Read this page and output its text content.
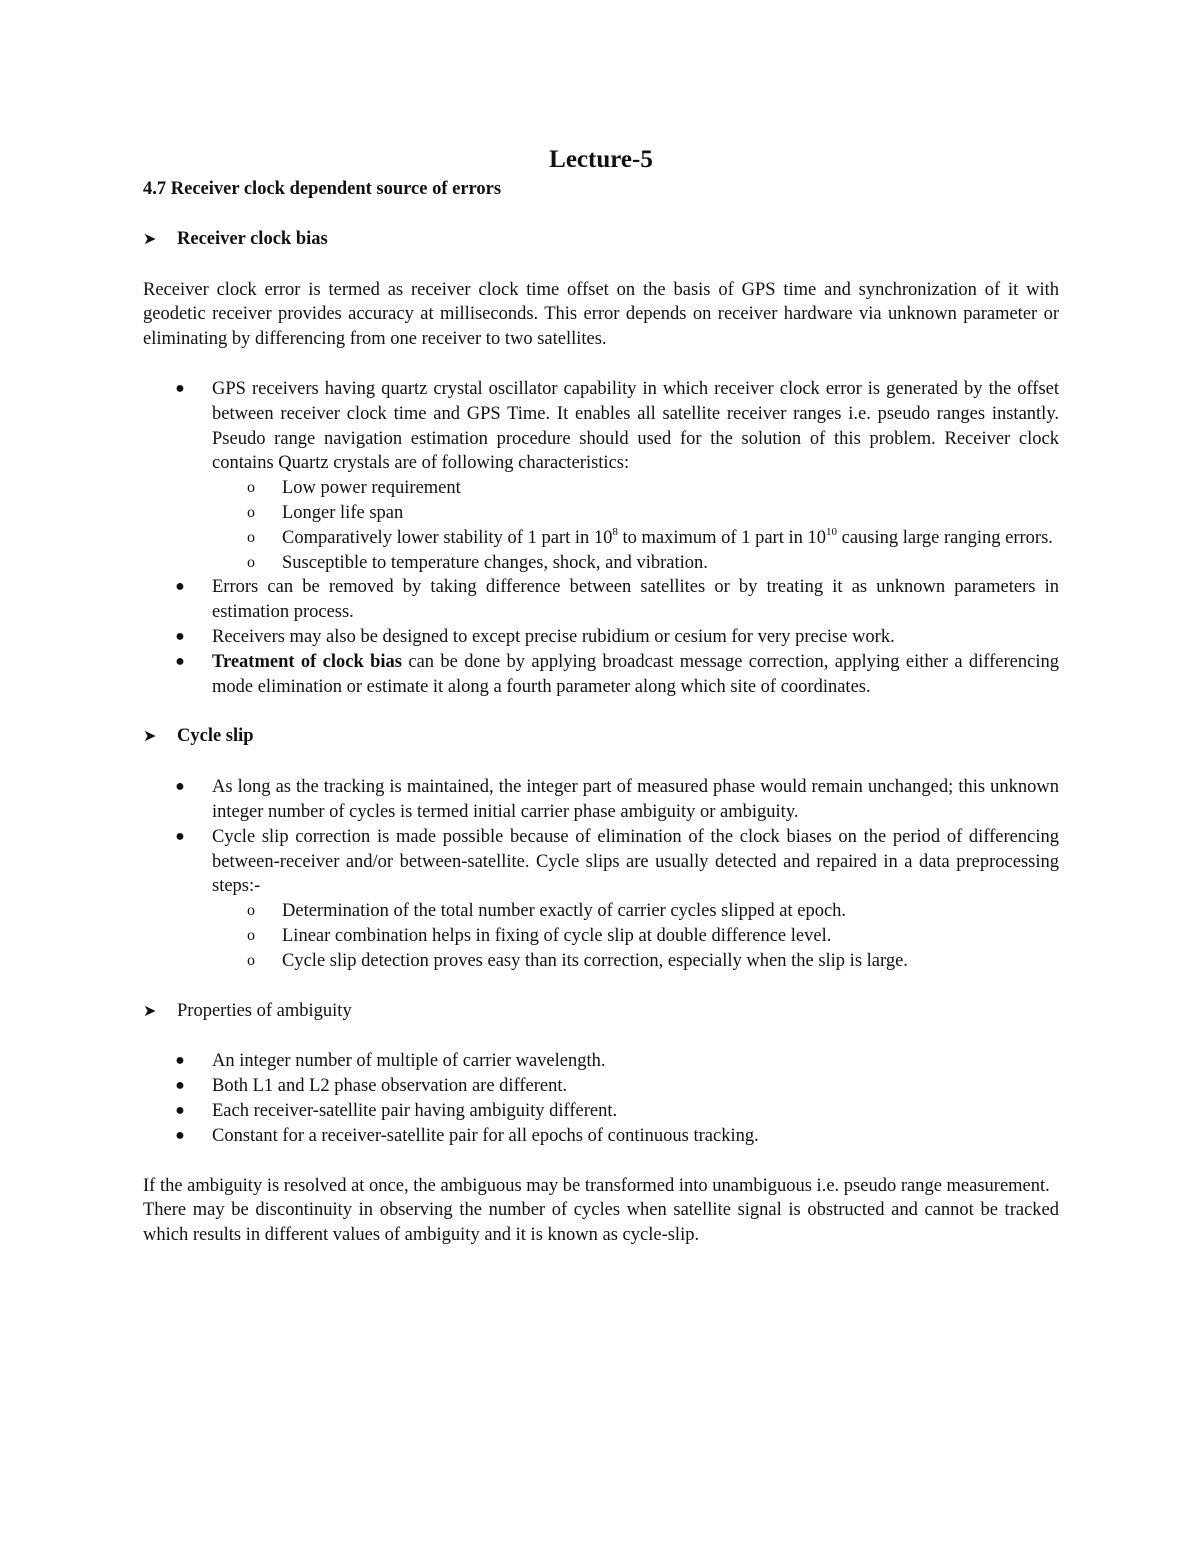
Lecture-5

4.7 Receiver clock dependent source of errors

➤	Receiver clock bias

Receiver clock error is termed as receiver clock time offset on the basis of GPS time and synchronization of it with geodetic receiver provides accuracy at milliseconds. This error depends on receiver hardware via unknown parameter or eliminating by differencing from one receiver to two satellites.

● GPS receivers having quartz crystal oscillator capability in which receiver clock error is generated by the offset between receiver clock time and GPS Time. It enables all satellite receiver ranges i.e. pseudo ranges instantly. Pseudo range navigation estimation procedure should used for the solution of this problem. Receiver clock contains Quartz crystals are of following characteristics:
o	Low power requirement
o	Longer life span
o	Comparatively lower stability of 1 part in $10^8$ to maximum of 1 part in $10^{10}$ causing large ranging errors.
o	Susceptible to temperature changes, shock, and vibration.
● Errors can be removed by taking difference between satellites or by treating it as unknown parameters in estimation process.
● Receivers may also be designed to except precise rubidium or cesium for very precise work.
● Treatment of clock bias can be done by applying broadcast message correction, applying either a differencing mode elimination or estimate it along a fourth parameter along which site of coordinates.
➤	Cycle slip
● As long as the tracking is maintained, the integer part of measured phase would remain unchanged; this unknown integer number of cycles is termed initial carrier phase ambiguity or ambiguity.
● Cycle slip correction is made possible because of elimination of the clock biases on the period of differencing between-receiver and/or between-satellite. Cycle slips are usually detected and repaired in a data preprocessing steps:-
o	Determination of the total number exactly of carrier cycles slipped at epoch.
o	Linear combination helps in fixing of cycle slip at double difference level.
o	Cycle slip detection proves easy than its correction, especially when the slip is large.
➤	Properties of ambiguity
● An integer number of multiple of carrier wavelength.
● Both L1 and L2 phase observation are different.
● Each receiver-satellite pair having ambiguity different.
● Constant for a receiver-satellite pair for all epochs of continuous tracking.

If the ambiguity is resolved at once, the ambiguous may be transformed into unambiguous i.e. pseudo range measurement.

There may be discontinuity in observing the number of cycles when satellite signal is obstructed and cannot be tracked which results in different values of ambiguity and it is known as cycle-slip.
